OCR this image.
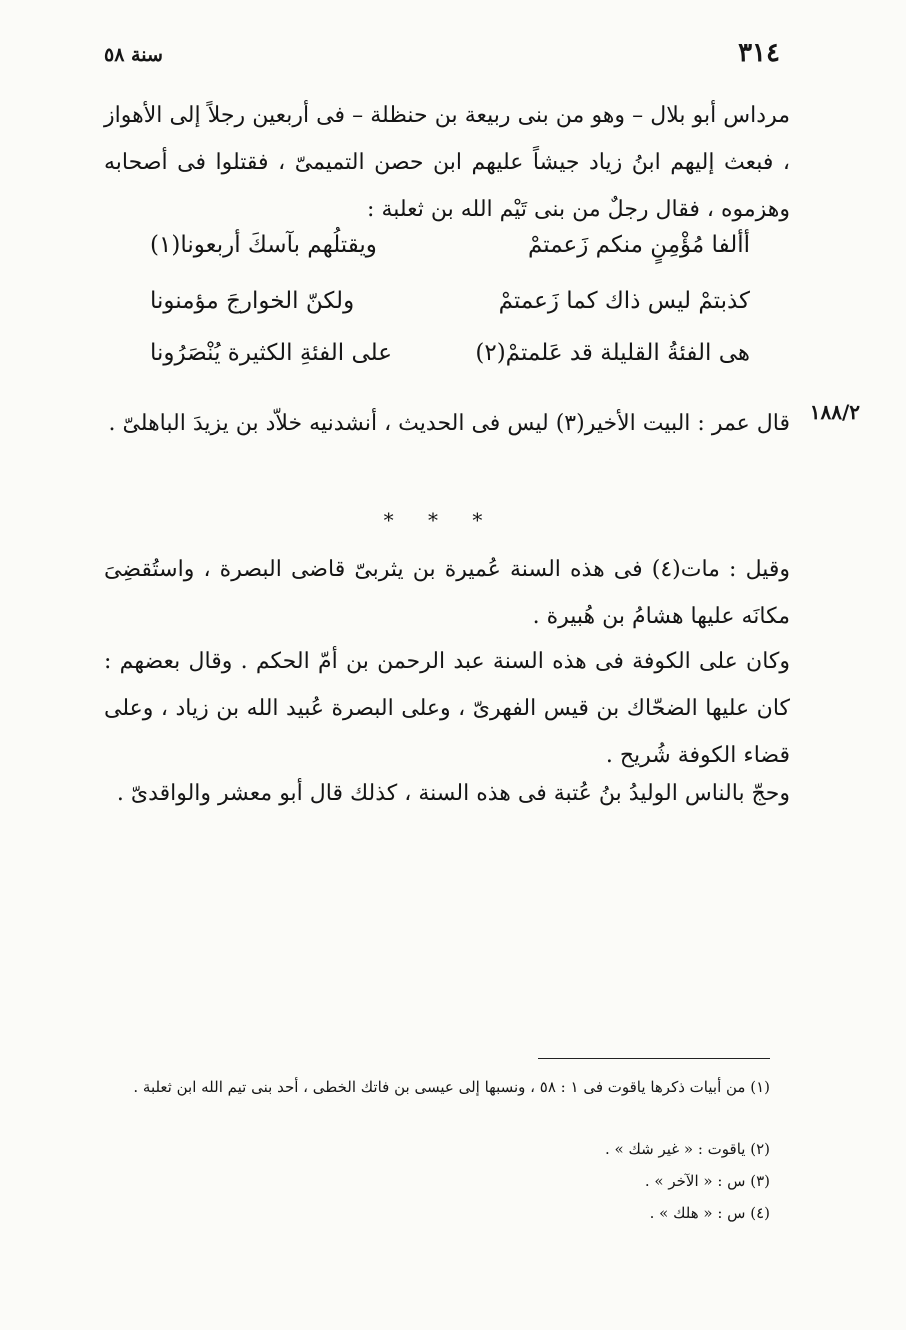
٣١٤
سنة ٥٨
مرداس أبو بلال – وهو من بنى ربيعة بن حنظلة – فى أربعين رجلاً إلى الأهواز ، فبعث إليهم ابنُ زياد جيشاً عليهم ابن حصن التميمىّ ، فقتلوا فى أصحابه وهزموه ، فقال رجلٌ من بنى تَيْم الله بن ثعلبة :
أألفا مُؤْمِنٍ منكم زَعمتمْ
ويقتلُهم بآسكَ أربعونا(١)
كذبتمْ ليس ذاك كما زَعمتمْ
ولكنّ الخوارجَ مؤمنونا
هى الفئةُ القليلة قد عَلمتمْ(٢)
على الفئةِ الكثيرة يُنْصَرُونا
١٨٨/٢
قال عمر : البيت الأخير(٣) ليس فى الحديث ، أنشدنيه خلاّد بن يزيدَ الباهلىّ .
* * *
وقيل : مات(٤) فى هذه السنة عُميرة بن يثربىّ قاضى البصرة ، واستُقضِىَ مكانَه عليها هشامُ بن هُبيرة .
وكان على الكوفة فى هذه السنة عبد الرحمن بن أمّ الحكم . وقال بعضهم : كان عليها الضحّاك بن قيس الفهرىّ ، وعلى البصرة عُبيد الله بن زياد ، وعلى قضاء الكوفة شُريح .
وحجّ بالناس الوليدُ بنُ عُتبة فى هذه السنة ، كذلك قال أبو معشر والواقدىّ .
(١) من أبيات ذكرها ياقوت فى ١ : ٥٨ ، ونسبها إلى عيسى بن فاتك الخطى ، أحد بنى تيم الله ابن ثعلبة .
(٢) ياقوت : « غير شك » .
(٣) س : « الآخر » .
(٤) س : « هلك » .
